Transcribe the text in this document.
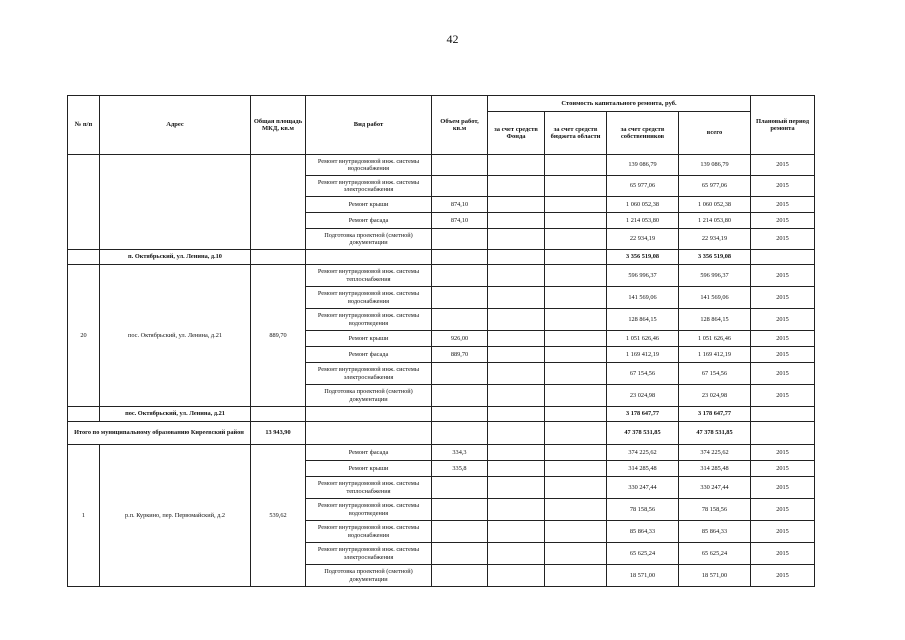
42
№ п/п	Адрес	Общая площадь МКД, кв.м	Вид работ	Объем работ, кв.м	Стоимость капитального ремонта, руб.				Плановый период ремонта
					за счет средств Фонда	за счет средств бюджета области	за счет средств собственников	всего	
			Ремонт внутридомовой инж. системы водоснабжения				139 086,79	139 086,79	2015
			Ремонт внутридомовой инж. системы электроснабжения				65 977,06	65 977,06	2015
			Ремонт крыши	874,10			1 060 052,38	1 060 052,38	2015
			Ремонт фасада	874,10			1 214 053,80	1 214 053,80	2015
			Подготовка проектной (сметной) документации				22 934,19	22 934,19	2015
	п. Октябрьский, ул. Ленина, д.10						3 356 519,08	3 356 519,08	
20	пос. Октябрьский, ул. Ленина, д.21	889,70	Ремонт внутридомовой инж. системы теплоснабжения				596 996,37	596 996,37	2015
			Ремонт внутридомовой инж. системы водоснабжения				141 569,06	141 569,06	2015
			Ремонт внутридомовой инж. системы водоотведения				128 864,15	128 864,15	2015
			Ремонт крыши	926,00			1 051 626,46	1 051 626,46	2015
			Ремонт фасада	889,70			1 169 412,19	1 169 412,19	2015
			Ремонт внутридомовой инж. системы электроснабжения				67 154,56	67 154,56	2015
			Подготовка проектной (сметной) документации				23 024,98	23 024,98	2015
	пос. Октябрьский, ул. Ленина, д.21						3 178 647,77	3 178 647,77	
Итого по муниципальному образованию Киреевский район		13 943,90					47 378 531,85	47 378 531,85	
1	р.п. Куркино, пер. Первомайский, д.2	539,62	Ремонт фасада	334,3			374 225,62	374 225,62	2015
			Ремонт крыши	335,8			314 285,48	314 285,48	2015
			Ремонт внутридомовой инж. системы теплоснабжения				330 247,44	330 247,44	2015
			Ремонт внутридомовой инж. системы водоотведения				78 158,56	78 158,56	2015
			Ремонт внутридомовой инж. системы водоснабжения				85 864,33	85 864,33	2015
			Ремонт внутридомовой инж. системы электроснабжения				65 625,24	65 625,24	2015
			Подготовка проектной (сметной) документации				18 571,00	18 571,00	2015
